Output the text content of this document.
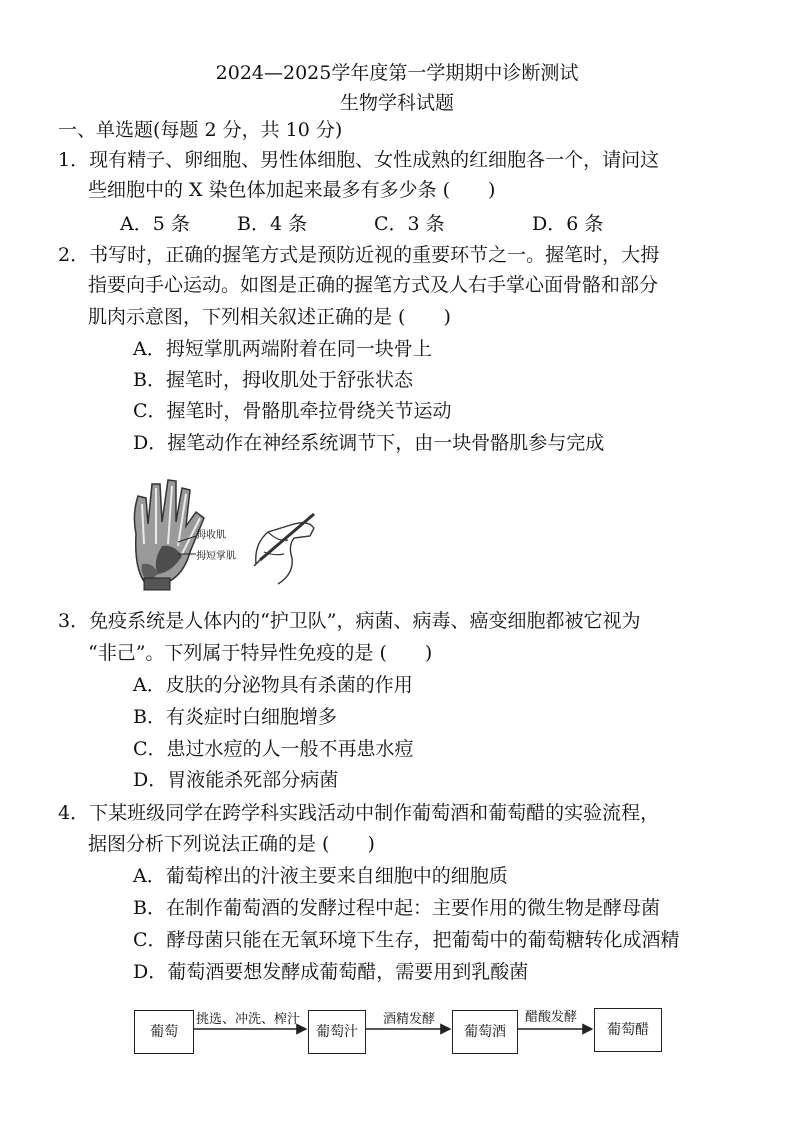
2024—2025学年度第一学期期中诊断测试
生物学科试题
一、单选题(每题 2 分，共 10 分)
1．现有精子、卵细胞、男性体细胞、女性成熟的红细胞各一个，请问这
些细胞中的 X 染色体加起来最多有多少条 (　　)
A．5 条 B．4 条	C．3 条	D．6 条
2．书写时，正确的握笔方式是预防近视的重要环节之一。握笔时，大拇
指要向手心运动。如图是正确的握笔方式及人右手掌心面骨骼和部分
肌肉示意图，下列相关叙述正确的是 (　　)
A．拇短掌肌两端附着在同一块骨上
B．握笔时，拇收肌处于舒张状态
C．握笔时，骨骼肌牵拉骨绕关节运动
D．握笔动作在神经系统调节下，由一块骨骼肌参与完成
拇收肌
拇短掌肌
3．免疫系统是人体内的“护卫队”，病菌、病毒、癌变细胞都被它视为
“非己”。下列属于特异性免疫的是 (　　)
A．皮肤的分泌物具有杀菌的作用
B．有炎症时白细胞增多
C．患过水痘的人一般不再患水痘
D．胃液能杀死部分病菌
4．下某班级同学在跨学科实践活动中制作葡萄酒和葡萄醋的实验流程，
据图分析下列说法正确的是 (　　)
A．葡萄榨出的汁液主要来自细胞中的细胞质
B．在制作葡萄酒的发酵过程中起：主要作用的微生物是酵母菌
C．酵母菌只能在无氧环境下生存，把葡萄中的葡萄糖转化成酒精
D．葡萄酒要想发酵成葡萄醋，需要用到乳酸菌
葡萄	葡萄汁	葡萄酒	葡萄醋
挑选、冲洗、榨汁	酒精发酵	醋酸发酵
